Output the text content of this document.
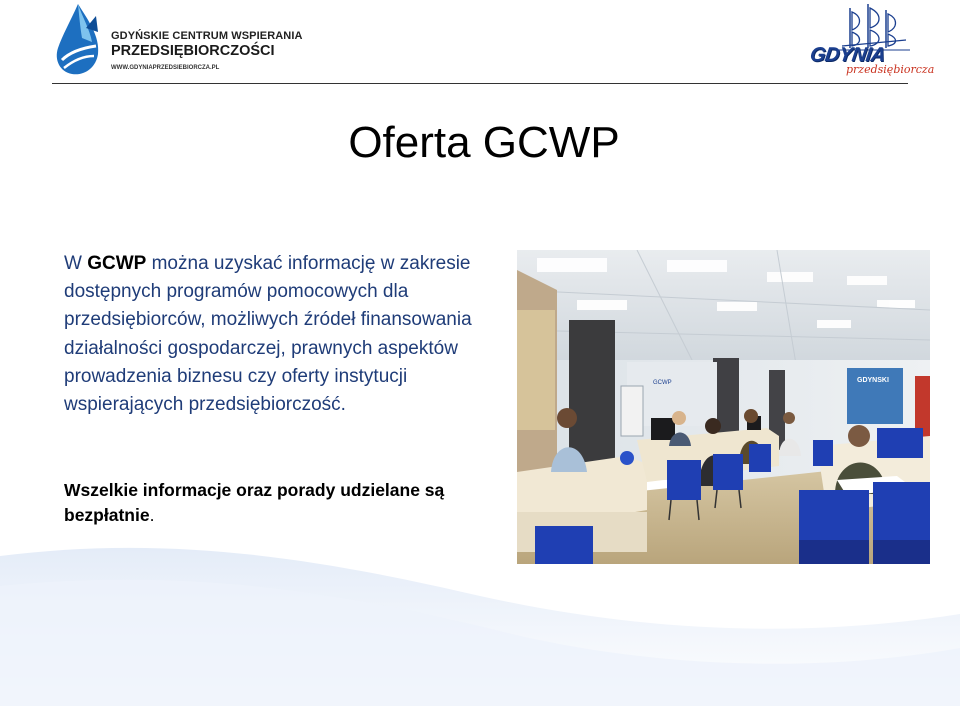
GDYŃSKIE CENTRUM WSPIERANIA
PRZEDSIĘBIORCZOŚCI
WWW.GDYNIAPRZEDSIEBIORCZA.PL
GDYNIA
przedsiębiorcza
Oferta GCWP

W GCWP można uzyskać informację w zakresie dostępnych programów pomocowych dla przedsiębiorców, możliwych źródeł finansowania działalności gospodarczej, prawnych aspektów prowadzenia biznesu czy oferty instytucji wspierających przedsiębiorczość.

Wszelkie informacje oraz porady udzielane są bezpłatnie.
GCWP	GDYNSKI
